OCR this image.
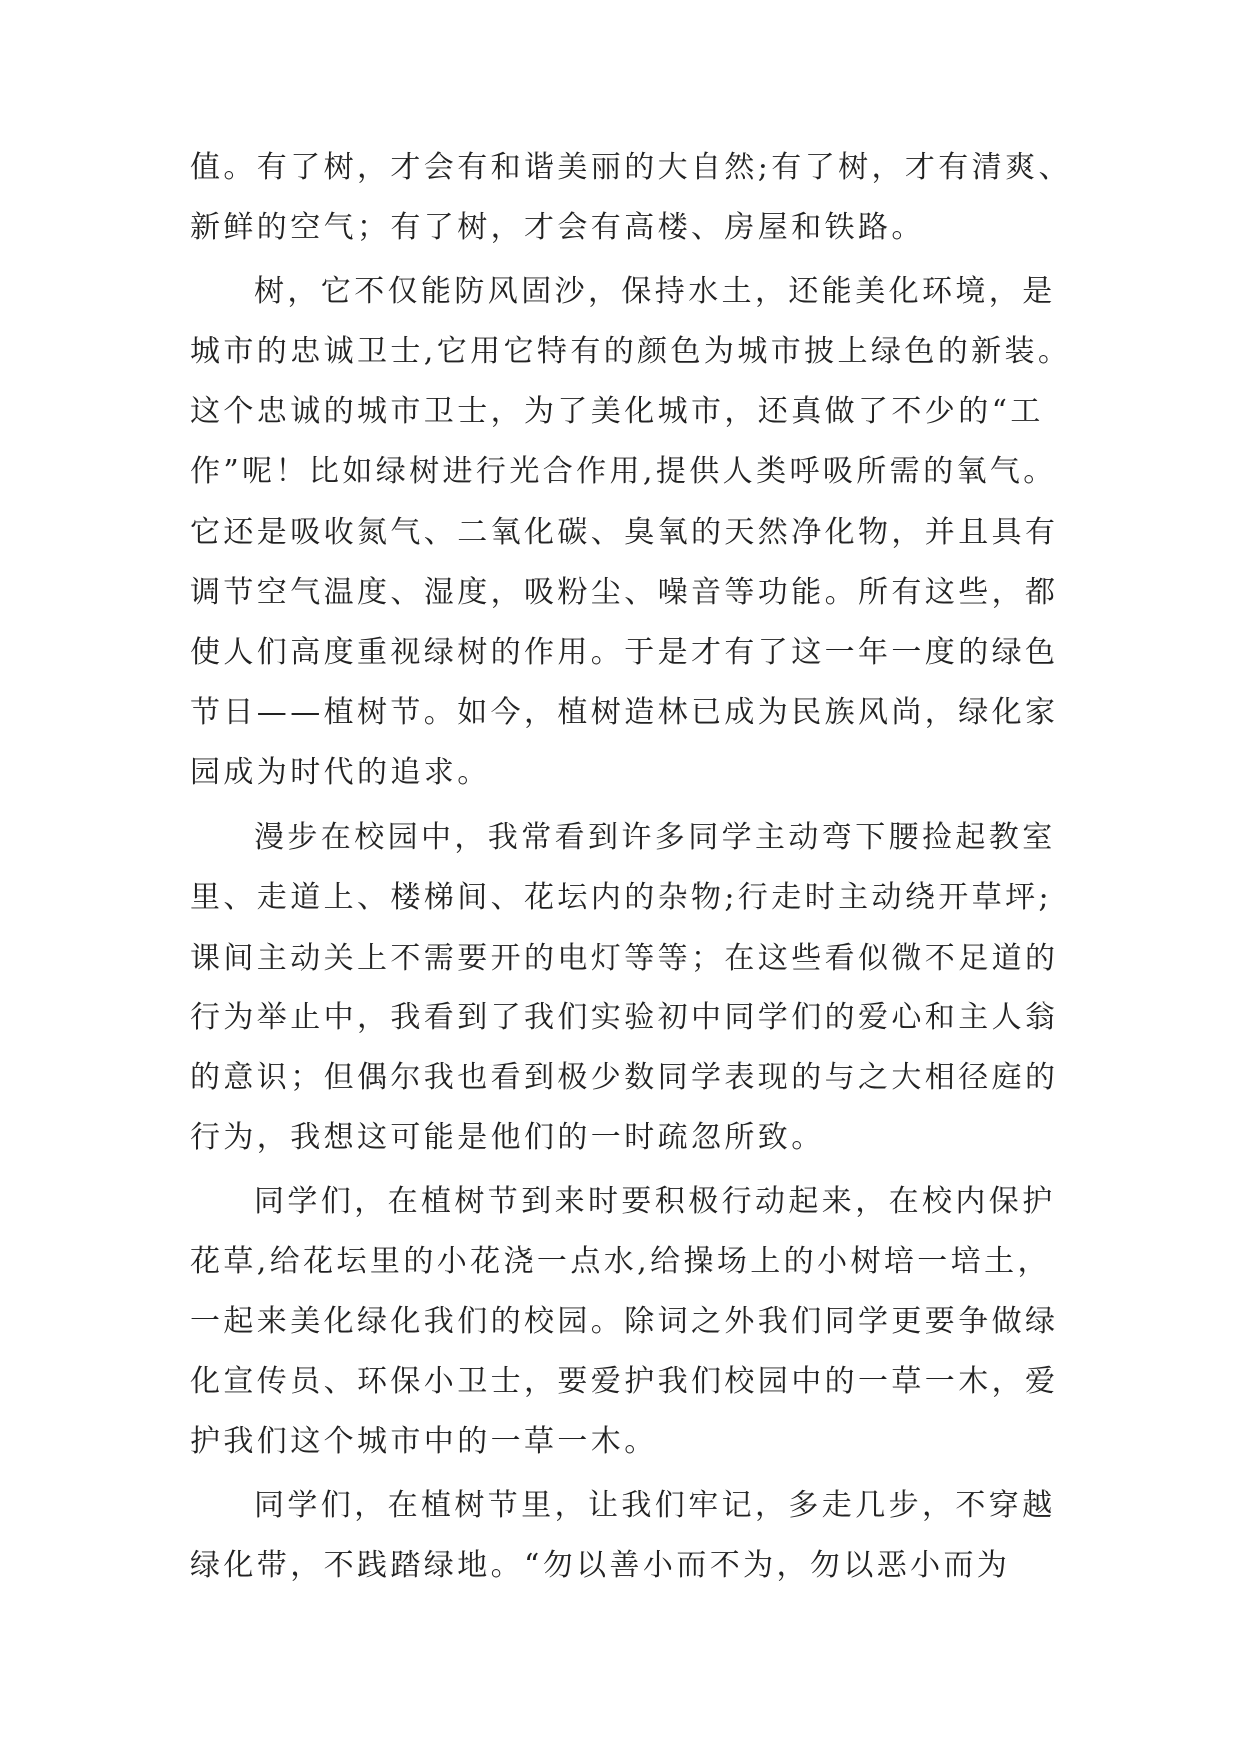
值。有了树，才会有和谐美丽的大自然;有了树，才有清爽、
新鲜的空气；有了树，才会有高楼、房屋和铁路。
树，它不仅能防风固沙，保持水土，还能美化环境，是
城市的忠诚卫士,它用它特有的颜色为城市披上绿色的新装。
这个忠诚的城市卫士，为了美化城市，还真做了不少的“工
作”呢！比如绿树进行光合作用,提供人类呼吸所需的氧气。
它还是吸收氮气、二氧化碳、臭氧的天然净化物，并且具有
调节空气温度、湿度，吸粉尘、噪音等功能。所有这些，都
使人们高度重视绿树的作用。于是才有了这一年一度的绿色
节日——植树节。如今，植树造林已成为民族风尚，绿化家
园成为时代的追求。
漫步在校园中，我常看到许多同学主动弯下腰捡起教室
里、走道上、楼梯间、花坛内的杂物;行走时主动绕开草坪;
课间主动关上不需要开的电灯等等；在这些看似微不足道的
行为举止中，我看到了我们实验初中同学们的爱心和主人翁
的意识；但偶尔我也看到极少数同学表现的与之大相径庭的
行为，我想这可能是他们的一时疏忽所致。
同学们，在植树节到来时要积极行动起来，在校内保护
花草,给花坛里的小花浇一点水,给操场上的小树培一培土，
一起来美化绿化我们的校园。除词之外我们同学更要争做绿
化宣传员、环保小卫士，要爱护我们校园中的一草一木，爱
护我们这个城市中的一草一木。
同学们，在植树节里，让我们牢记，多走几步，不穿越
绿化带，不践踏绿地。“勿以善小而不为，勿以恶小而为
